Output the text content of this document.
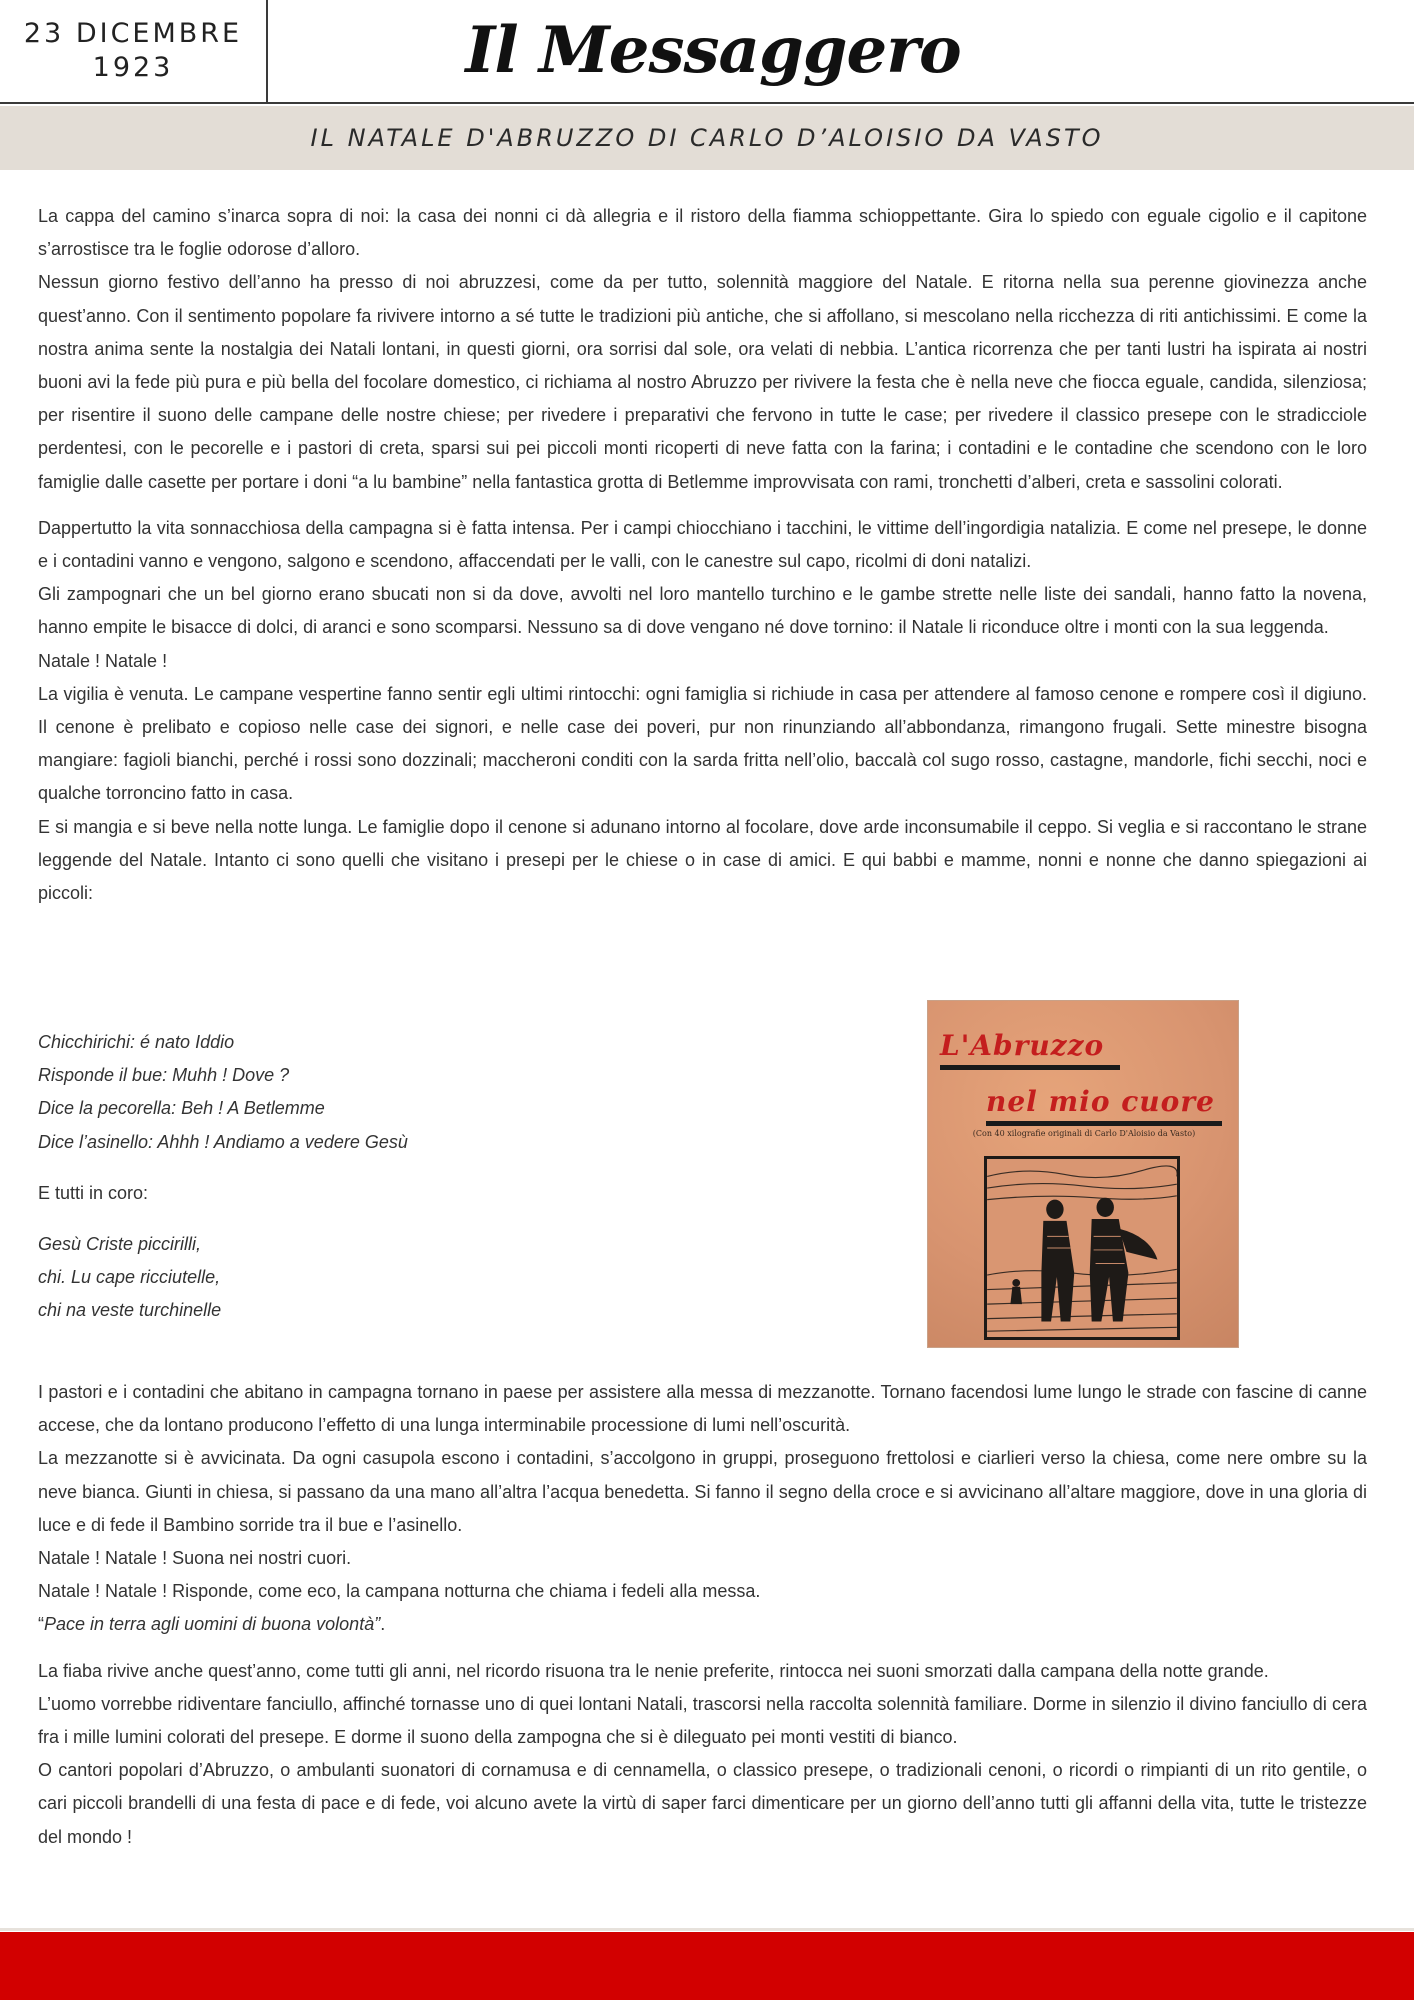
23 DICEMBRE
1923	Il Messaggero
IL NATALE D'ABRUZZO DI CARLO D’ALOISIO DA VASTO

La cappa del camino s’inarca sopra di noi: la casa dei nonni ci dà allegria e il ristoro della fiamma schioppettante. Gira lo spiedo con eguale cigolio e il capitone s’arrostisce tra le foglie odorose d’alloro.

Nessun giorno festivo dell’anno ha presso di noi abruzzesi, come da per tutto, solennità maggiore del Natale. E ritorna nella sua perenne giovinezza anche quest’anno. Con il sentimento popolare fa rivivere intorno a sé tutte le tradizioni più antiche, che si affollano, si mescolano nella ricchezza di riti antichissimi. E come la nostra anima sente la nostalgia dei Natali lontani, in questi giorni, ora sorrisi dal sole, ora velati di nebbia. L’antica ricorrenza che per tanti lustri ha ispirata ai nostri buoni avi la fede più pura e più bella del focolare domestico, ci richiama al nostro Abruzzo per rivivere la festa che è nella neve che fiocca eguale, candida, silenziosa; per risentire il suono delle campane delle nostre chiese; per rivedere i preparativi che fervono in tutte le case; per rivedere il classico presepe con le stradicciole perdentesi, con le pecorelle e i pastori di creta, sparsi sui pei piccoli monti ricoperti di neve fatta con la farina; i contadini e le contadine che scendono con le loro famiglie dalle casette per portare i doni “a lu bambine” nella fantastica grotta di Betlemme improvvisata con rami, tronchetti d’alberi, creta e sassolini colorati.

Dappertutto la vita sonnacchiosa della campagna si è fatta intensa. Per i campi chiocchiano i tacchini, le vittime dell’ingordigia natalizia. E come nel presepe, le donne e i contadini vanno e vengono, salgono e scendono, affaccendati per le valli, con le canestre sul capo, ricolmi di doni natalizi.

Gli zampognari che un bel giorno erano sbucati non si da dove, avvolti nel loro mantello turchino e le gambe strette nelle liste dei sandali, hanno fatto la novena, hanno empite le bisacce di dolci, di aranci e sono scomparsi. Nessuno sa di dove vengano né dove tornino: il Natale li riconduce oltre i monti con la sua leggenda.

Natale ! Natale !

La vigilia è venuta. Le campane vespertine fanno sentir egli ultimi rintocchi: ogni famiglia si richiude in casa per attendere al famoso cenone e rompere così il digiuno. Il cenone è prelibato e copioso nelle case dei signori, e nelle case dei poveri, pur non rinunziando all’abbondanza, rimangono frugali. Sette minestre bisogna mangiare: fagioli bianchi, perché i rossi sono dozzinali; maccheroni conditi con la sarda fritta nell’olio, baccalà col sugo rosso, castagne, mandorle, fichi secchi, noci e qualche torroncino fatto in casa.

E si mangia e si beve nella notte lunga. Le famiglie dopo il cenone si adunano intorno al focolare, dove arde inconsumabile il ceppo. Si veglia e si raccontano le strane leggende del Natale. Intanto ci sono quelli che visitano i presepi per le chiese o in case di amici. E qui babbi e mamme, nonni e nonne che danno spiegazioni ai piccoli:

Chicchirichi: é nato Iddio

Risponde il bue: Muhh ! Dove ?

Dice la pecorella: Beh ! A Betlemme

Dice l’asinello: Ahhh ! Andiamo a vedere Gesù

E tutti in coro:

Gesù Criste piccirilli,

chi. Lu cape ricciutelle,

chi na veste turchinelle

L'Abruzzo
nel mio cuore
(Con 40 xilografie originali di Carlo D'Aloisio da Vasto)

I pastori e i contadini che abitano in campagna tornano in paese per assistere alla messa di mezzanotte. Tornano facendosi lume lungo le strade con fascine di canne accese, che da lontano producono l’effetto di una lunga interminabile processione di lumi nell’oscurità.

La mezzanotte si è avvicinata. Da ogni casupola escono i contadini, s’accolgono in gruppi, proseguono frettolosi e ciarlieri verso la chiesa, come nere ombre su la neve bianca. Giunti in chiesa, si passano da una mano all’altra l’acqua benedetta. Si fanno il segno della croce e si avvicinano all’altare maggiore, dove in una gloria di luce e di fede il Bambino sorride tra il bue e l’asinello.

Natale ! Natale ! Suona nei nostri cuori.

Natale ! Natale ! Risponde, come eco, la campana notturna che chiama i fedeli alla messa.

“Pace in terra agli uomini di buona volontà”.

La fiaba rivive anche quest’anno, come tutti gli anni, nel ricordo risuona tra le nenie preferite, rintocca nei suoni smorzati dalla campana della notte grande.

L’uomo vorrebbe ridiventare fanciullo, affinché tornasse uno di quei lontani Natali, trascorsi nella raccolta solennità familiare. Dorme in silenzio il divino fanciullo di cera fra i mille lumini colorati del presepe. E dorme il suono della zampogna che si è dileguato pei monti vestiti di bianco.

O cantori popolari d’Abruzzo, o ambulanti suonatori di cornamusa e di cennamella, o classico presepe, o tradizionali cenoni, o ricordi o rimpianti di un rito gentile, o cari piccoli brandelli di una festa di pace e di fede, voi alcuno avete la virtù di saper farci dimenticare per un giorno dell’anno tutti gli affanni della vita, tutte le tristezze del mondo !
